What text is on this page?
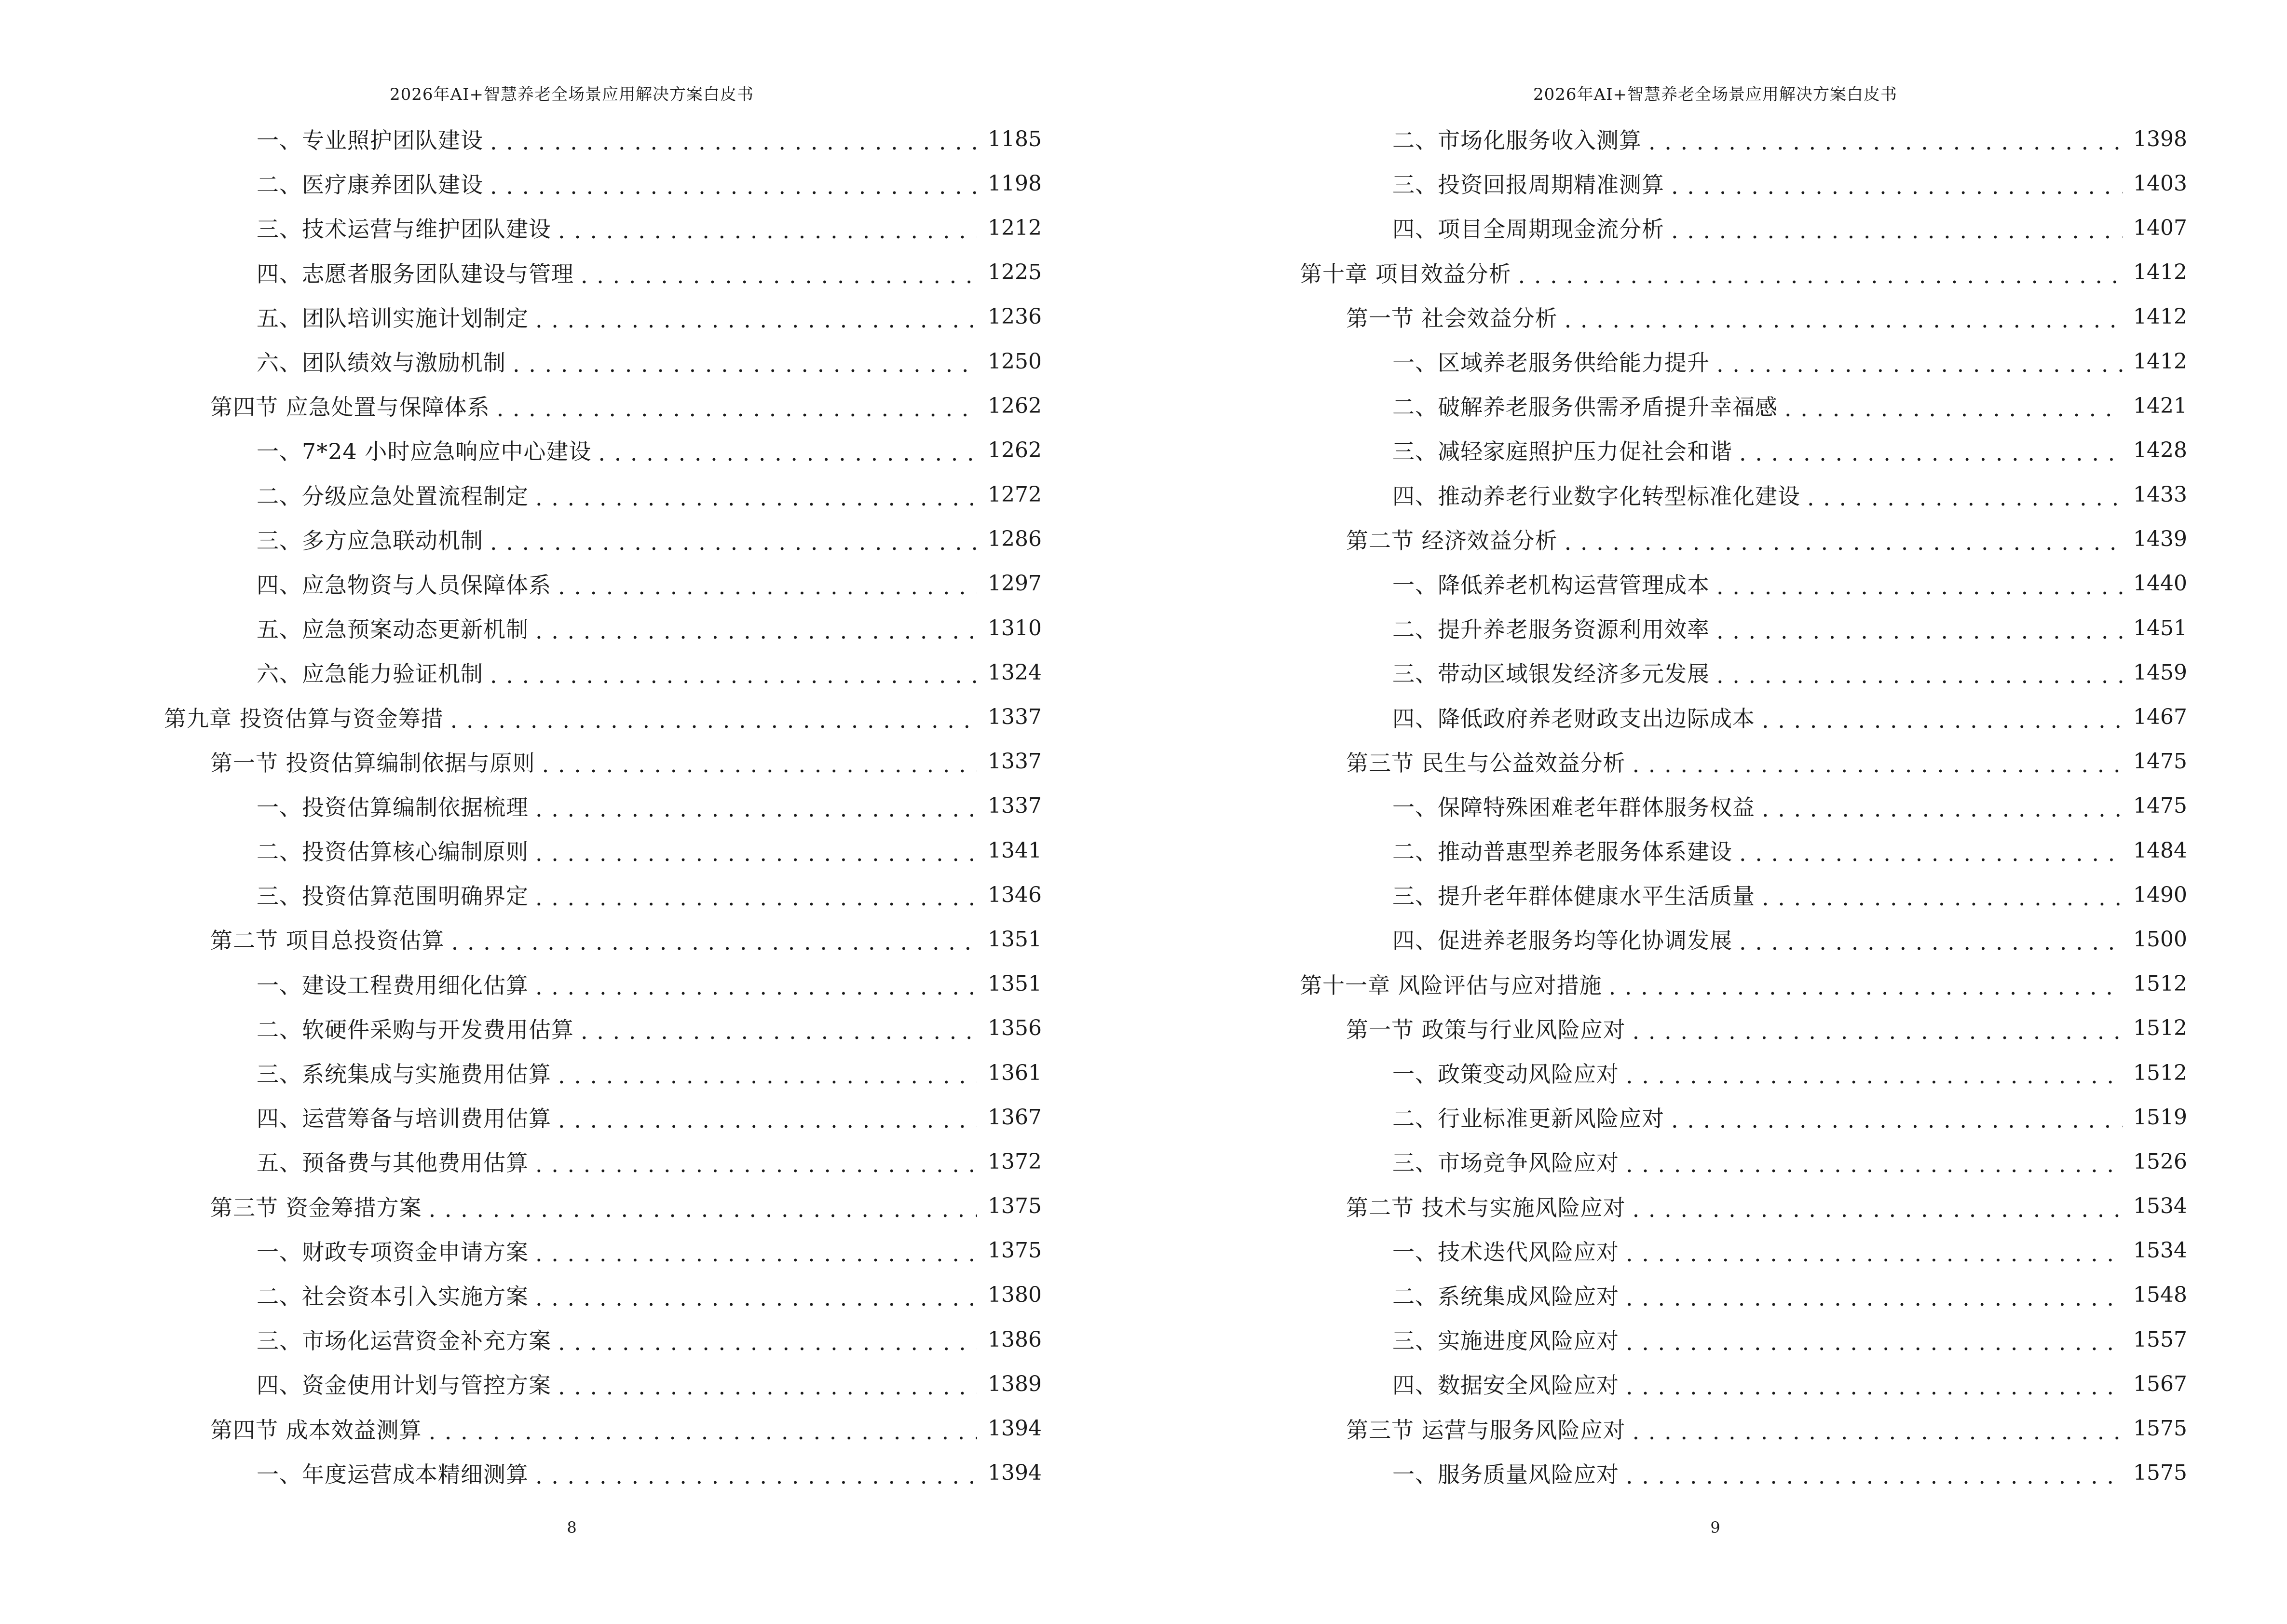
2026年AI+智慧养老全场景应用解决方案白皮书
一、专业照护团队建设 . . .	1185
二、医疗康养团队建设 . . .	1198
三、技术运营与维护团队建设 . . .	1212
四、志愿者服务团队建设与管理 . . .	1225
五、团队培训实施计划制定 . . .	1236
六、团队绩效与激励机制 . . .	1250
第四节 应急处置与保障体系 . . .	1262
一、7*24 小时应急响应中心建设 . . .	1262
二、分级应急处置流程制定 . . .	1272
三、多方应急联动机制 . . .	1286
四、应急物资与人员保障体系 . . .	1297
五、应急预案动态更新机制 . . .	1310
六、应急能力验证机制 . . .	1324
第九章 投资估算与资金筹措 . . .	1337
第一节 投资估算编制依据与原则 . . .	1337
一、投资估算编制依据梳理 . . .	1337
二、投资估算核心编制原则 . . .	1341
三、投资估算范围明确界定 . . .	1346
第二节 项目总投资估算 . . .	1351
一、建设工程费用细化估算 . . .	1351
二、软硬件采购与开发费用估算 . . .	1356
三、系统集成与实施费用估算 . . .	1361
四、运营筹备与培训费用估算 . . .	1367
五、预备费与其他费用估算 . . .	1372
第三节 资金筹措方案 . . .	1375
一、财政专项资金申请方案 . . .	1375
二、社会资本引入实施方案 . . .	1380
三、市场化运营资金补充方案 . . .	1386
四、资金使用计划与管控方案 . . .	1389
第四节 成本效益测算 . . .	1394
一、年度运营成本精细测算 . . .	1394
8
2026年AI+智慧养老全场景应用解决方案白皮书
二、市场化服务收入测算 . . .	1398
三、投资回报周期精准测算 . . .	1403
四、项目全周期现金流分析 . . .	1407
第十章 项目效益分析 . . .	1412
第一节 社会效益分析 . . .	1412
一、区域养老服务供给能力提升 . . .	1412
二、破解养老服务供需矛盾提升幸福感 . . .	1421
三、减轻家庭照护压力促社会和谐 . . .	1428
四、推动养老行业数字化转型标准化建设 . . .	1433
第二节 经济效益分析 . . .	1439
一、降低养老机构运营管理成本 . . .	1440
二、提升养老服务资源利用效率 . . .	1451
三、带动区域银发经济多元发展 . . .	1459
四、降低政府养老财政支出边际成本 . . .	1467
第三节 民生与公益效益分析 . . .	1475
一、保障特殊困难老年群体服务权益 . . .	1475
二、推动普惠型养老服务体系建设 . . .	1484
三、提升老年群体健康水平生活质量 . . .	1490
四、促进养老服务均等化协调发展 . . .	1500
第十一章 风险评估与应对措施 . . .	1512
第一节 政策与行业风险应对 . . .	1512
一、政策变动风险应对 . . .	1512
二、行业标准更新风险应对 . . .	1519
三、市场竞争风险应对 . . .	1526
第二节 技术与实施风险应对 . . .	1534
一、技术迭代风险应对 . . .	1534
二、系统集成风险应对 . . .	1548
三、实施进度风险应对 . . .	1557
四、数据安全风险应对 . . .	1567
第三节 运营与服务风险应对 . . .	1575
一、服务质量风险应对 . . .	1575
9
